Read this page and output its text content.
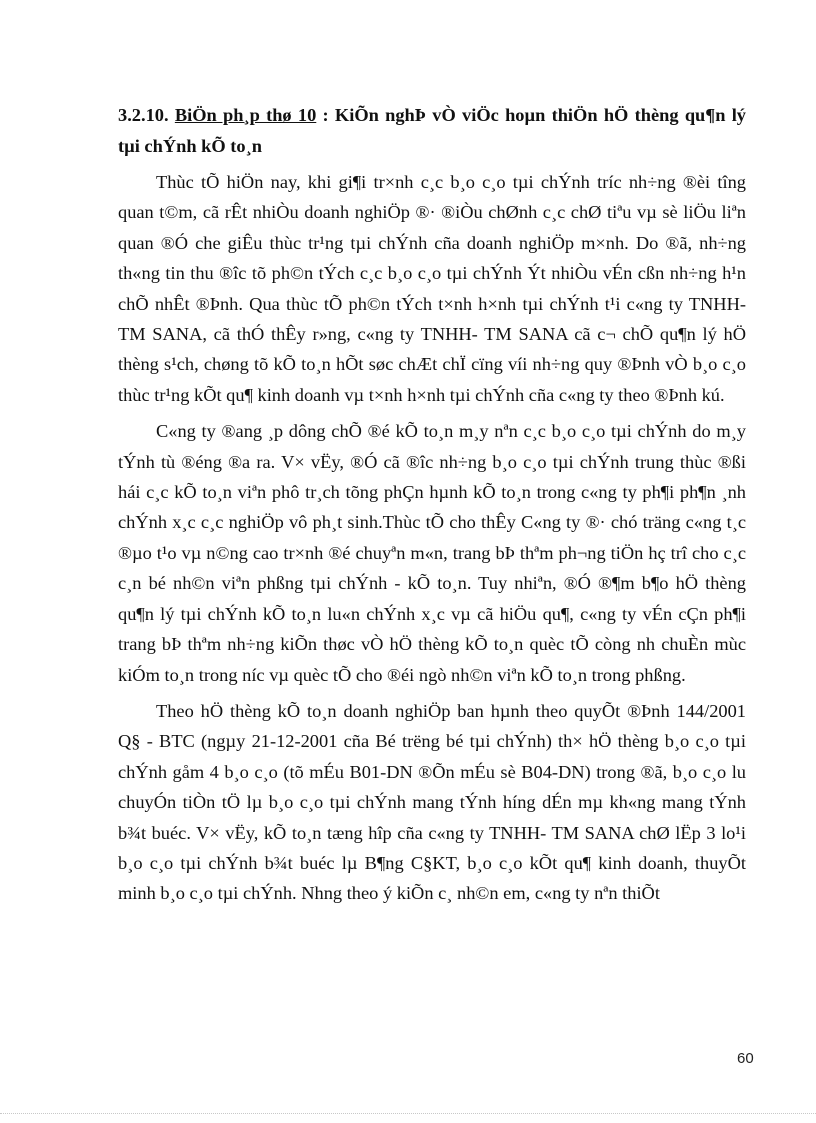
3.2.10. BiÖn ph¸p thø 10 : KiÕn nghÞ vÒ viÖc hoµn thiÖn hÖ thèng qu¶n lý tµi chÝnh kÕ to¸n

Thùc tÕ hiÖn nay, khi gi¶i tr×nh c¸c b¸o c¸o tµi chÝnh tríc nh÷ng ®èi tîng quan t©m, cã rÊt nhiÒu doanh nghiÖp ®· ®iÒu chØnh c¸c chØ tiªu vµ sè liÖu liªn quan ®Ó che giÊu thùc tr¹ng tµi chÝnh cña doanh nghiÖp m×nh. Do ®ã, nh÷ng th«ng tin thu ®îc tõ ph©n tÝch c¸c b¸o c¸o tµi chÝnh Ýt nhiÒu vÉn cßn nh÷ng h¹n chÕ nhÊt ®Þnh. Qua thùc tÕ ph©n tÝch t×nh h×nh tµi chÝnh t¹i c«ng ty TNHH- TM SANA, cã thÓ thÊy r»ng, c«ng ty TNHH- TM SANA cã c¬ chÕ qu¶n lý hÖ thèng s¹ch, chøng tõ kÕ to¸n hÕt søc chÆt chÏ cïng víi nh÷ng quy ®Þnh vÒ b¸o c¸o thùc tr¹ng kÕt qu¶ kinh doanh vµ t×nh h×nh tµi chÝnh cña c«ng ty theo ®Þnh kú.

C«ng ty ®ang ¸p dông chÕ ®é kÕ to¸n m¸y nªn c¸c b¸o c¸o tµi chÝnh do m¸y tÝnh tù ®éng ®a ra. V× vËy, ®Ó cã ®îc nh÷ng b¸o c¸o tµi chÝnh trung thùc ®ßi hái c¸c kÕ to¸n viªn phô tr¸ch tõng phÇn hµnh kÕ to¸n trong c«ng ty ph¶i ph¶n ¸nh chÝnh x¸c c¸c nghiÖp vô ph¸t sinh.Thùc tÕ cho thÊy C«ng ty ®· chó träng c«ng t¸c ®µo t¹o vµ n©ng cao tr×nh ®é chuyªn m«n, trang bÞ thªm ph¬ng tiÖn hç trî cho c¸c c¸n bé nh©n viªn phßng tµi chÝnh - kÕ to¸n. Tuy nhiªn, ®Ó ®¶m b¶o hÖ thèng qu¶n lý tµi chÝnh kÕ to¸n lu«n chÝnh x¸c vµ cã hiÖu qu¶, c«ng ty vÉn cÇn ph¶i trang bÞ thªm nh÷ng kiÕn thøc vÒ hÖ thèng kÕ to¸n quèc tÕ còng nh chuÈn mùc kiÓm to¸n trong níc vµ quèc tÕ cho ®éi ngò nh©n viªn kÕ to¸n trong phßng.

Theo hÖ thèng kÕ to¸n doanh nghiÖp ban hµnh theo quyÕt ®Þnh 144/2001 Q§ - BTC (ngµy 21-12-2001 cña Bé trëng bé tµi chÝnh) th× hÖ thèng b¸o c¸o tµi chÝnh gåm 4 b¸o c¸o (tõ mÉu B01-DN ®Õn mÉu sè B04-DN) trong ®ã, b¸o c¸o lu chuyÓn tiÒn tÖ lµ b¸o c¸o tµi chÝnh mang tÝnh híng dÉn mµ kh«ng mang tÝnh b¾t buéc. V× vËy, kÕ to¸n tæng hîp cña c«ng ty TNHH- TM SANA chØ lËp 3 lo¹i b¸o c¸o tµi chÝnh b¾t buéc lµ B¶ng C§KT, b¸o c¸o kÕt qu¶ kinh doanh, thuyÕt minh b¸o c¸o tµi chÝnh. Nhng theo ý kiÕn c¸ nh©n em, c«ng ty nªn thiÕt

60
